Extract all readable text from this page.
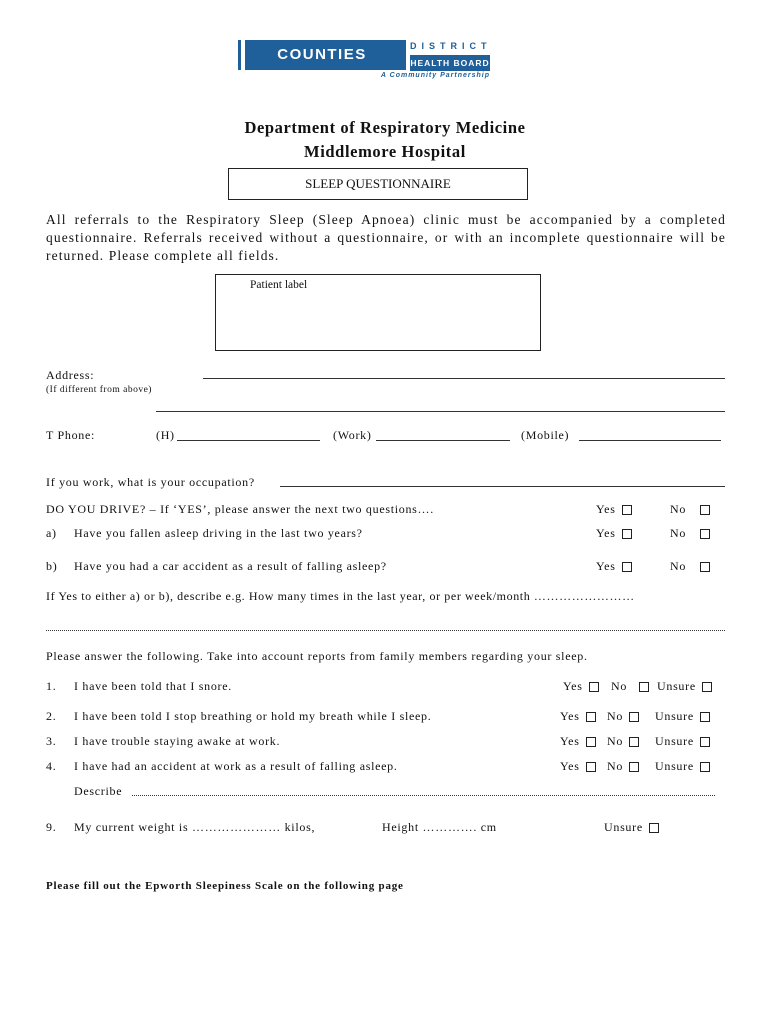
COUNTIES MANUKAU
DISTRICT
HEALTH BOARD
A Community Partnership
Department of Respiratory Medicine
Middlemore Hospital
SLEEP QUESTIONNAIRE
All referrals to the Respiratory Sleep (Sleep Apnoea) clinic must be accompanied by a completed questionnaire. Referrals received without a questionnaire, or with an incomplete questionnaire will be returned. Please complete all fields.
Patient label
Address:
(If different from above)
T Phone:	(H)	(Work)	(Mobile)
If you work, what is your occupation?
DO YOU DRIVE? – If ‘YES’, please answer the next two questions….	Yes	No
a) Have you fallen asleep driving in the last two years?	Yes	No
b) Have you had a car accident as a result of falling asleep?	Yes	No
If Yes to either a) or b), describe e.g. How many times in the last year, or per week/month ……………………
Please answer the following. Take into account reports from family members regarding your sleep.
1. I have been told that I snore.	Yes	No	Unsure
2. I have been told I stop breathing or hold my breath while I sleep.	Yes	No	Unsure
3. I have trouble staying awake at work.	Yes	No	Unsure
4. I have had an accident at work as a result of falling asleep.	Yes	No	Unsure
Describe
9. My current weight is ………………… kilos,	Height …………. cm	Unsure
Please fill out the Epworth Sleepiness Scale on the following page
